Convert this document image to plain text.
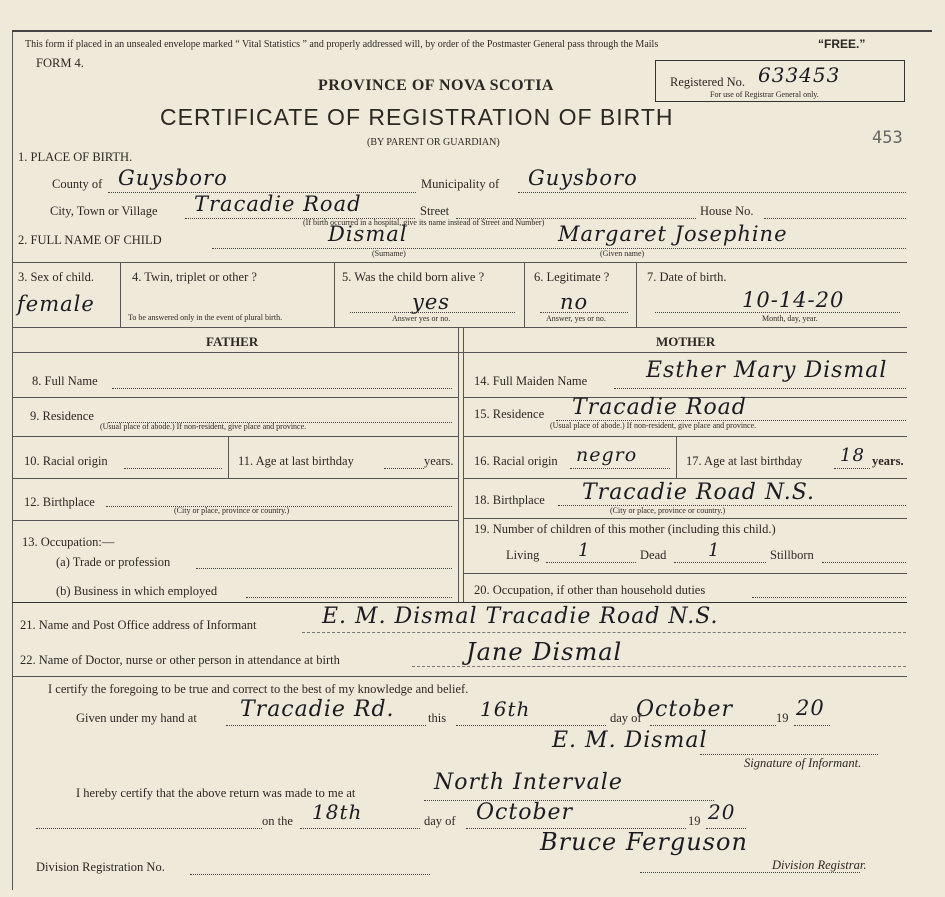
This form if placed in an unsealed envelope marked “ Vital Statistics ” and properly addressed will, by order of the Postmaster General pass through the Mails	“FREE.”
FORM 4.
PROVINCE OF NOVA SCOTIA
CERTIFICATE OF REGISTRATION OF BIRTH
(BY PARENT OR GUARDIAN)
Registered No. 633453
For use of Registrar General only.
453
1. PLACE OF BIRTH.
County of Guysboro	Municipality of Guysboro
City, Town or Village Tracadie Road	Street	House No.
(If birth occurred in a hospital, give its name instead of Street and Number)
2. FULL NAME OF CHILD	Dismal	Margaret Josephine
(Surname)	(Given name)
3. Sex of child.
female
4. Twin, triplet or other ?
To be answered only in the event of plural birth.
5. Was the child born alive ?
yes
Answer yes or no.
6. Legitimate ?
no
Answer, yes or no.
7. Date of birth.
10-14-20
Month, day, year.
FATHER	MOTHER
8. Full Name
9. Residence
(Usual place of abode.) If non-resident, give place and province.
10. Racial origin	11. Age at last birthday	years.
12. Birthplace
(City or place, province or country.)
13. Occupation:—
(a) Trade or profession
(b) Business in which employed
14. Full Maiden Name	Esther Mary Dismal
15. Residence Tracadie Road
(Usual place of abode.) If non-resident, give place and province.
16. Racial origin negro	17. Age at last birthday 18 years.
18. Birthplace Tracadie Road N.S.
(City or place, province or country.)
19. Number of children of this mother (including this child.)
Living 1	Dead 1	Stillborn
20. Occupation, if other than household duties
21. Name and Post Office address of Informant	E. M. Dismal Tracadie Road N.S.
22. Name of Doctor, nurse or other person in attendance at birth	Jane Dismal
I certify the foregoing to be true and correct to the best of my knowledge and belief.
Given under my hand at Tracadie Rd.	this 16th	day of
October	19 20
E. M. Dismal
Signature of Informant.
I hereby certify that the above return was made to me at	North Intervale
on the 18th	day of October	19 20
Division Registration No.
Bruce Ferguson
Division Registrar.
